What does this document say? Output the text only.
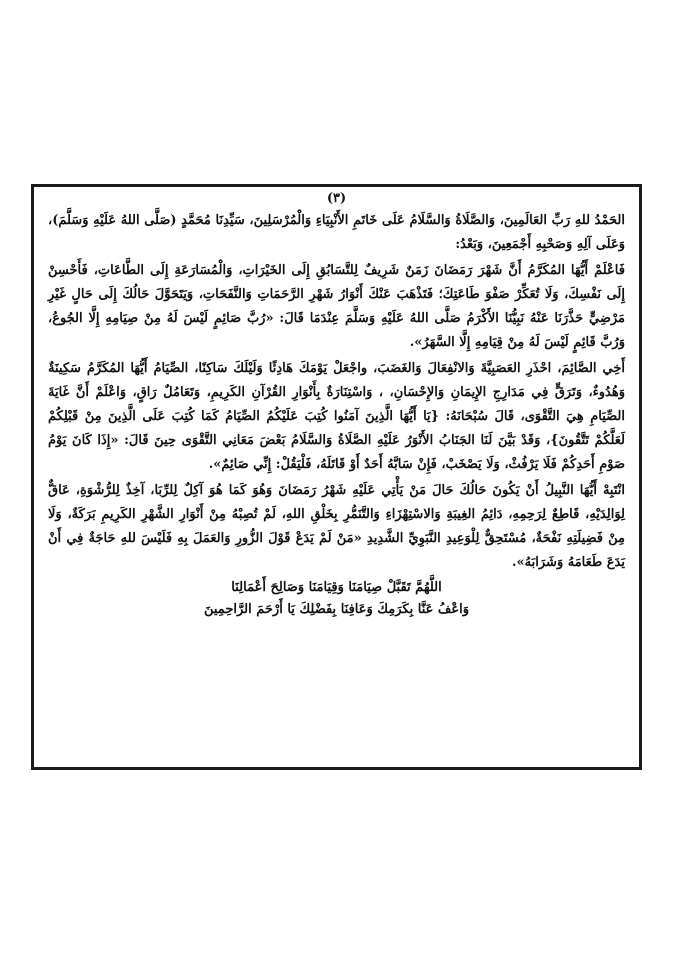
(٣)

الحَمْدُ للهِ رَبِّ العَالَمِينَ، وَالصَّلَاةُ وَالسَّلَامُ عَلَى خَاتَمِ الأَنْبِيَاءِ وَالْمُرْسَلِينَ، سَيِّدِنَا مُحَمَّدٍ (صَلَّى اللهُ عَلَيْهِ وَسَلَّمَ)، وَعَلَى آلِهِ وَصَحْبِهِ أَجْمَعِينَ، وَبَعْدُ:

فَاعْلَمْ أَيُّهَا المُكَرَّمُ أَنَّ شَهْرَ رَمَضَانَ زَمَنٌ شَرِيفٌ لِلتَّسَابُقِ إِلَى الخَيْرَاتِ، وَالْمُسَارَعَةِ إِلَى الطَّاعَاتِ، فَأَحْسِنْ إِلَى نَفْسِكَ، وَلَا تُعَكِّرْ صَفْوَ طَاعَتِكَ؛ فَتَذْهَبَ عَنْكَ أَنْوَارُ شَهْرِ الرَّحَمَاتِ وَالنَّفَحَاتِ، وَيَتَحَوَّلَ حَالُكَ إِلَى حَالٍ غَيْرِ مَرْضِيٍّ حَذَّرَنَا عَنْهُ نَبِيُّنَا الأَكْرَمُ صَلَّى اللهُ عَلَيْهِ وَسَلَّمَ عِنْدَمَا قَالَ: «رُبَّ صَائِمٍ لَيْسَ لَهُ مِنْ صِيَامِهِ إِلَّا الجُوعُ، وَرُبَّ قَائِمٍ لَيْسَ لَهُ مِنْ قِيَامِهِ إِلَّا السَّهَرُ».

أَخِي الصَّائِمَ، احْذَرِ العَصَبِيَّةَ وَالانْفِعَالَ وَالغَضَبَ، واجْعَلْ يَوْمَكَ هَادِئًا وَلَيْلَكَ سَاكِنًا، الصِّيَامُ أَيُّهَا المُكَرَّمُ سَكِينَةٌ وَهُدُوءٌ، وَتَرَقٍّ فِي مَدَارِجِ الإِيمَانِ وَالإِحْسَانِ، ، وَاسْتِنَارَةٌ بِأَنْوَارِ القُرْآنِ الكَرِيمِ، وَتَعَامُلٌ رَاقٍ، وَاعْلَمْ أَنَّ غَايَةَ الصِّيَامِ هِيَ التَّقْوَى، قَالَ سُبْحَانَهُ: {يَا أَيُّهَا الَّذِينَ آمَنُوا كُتِبَ عَلَيْكُمُ الصِّيَامُ كَمَا كُتِبَ عَلَى الَّذِينَ مِنْ قَبْلِكُمْ لَعَلَّكُمْ تَتَّقُونَ}، وَقَدْ بَيَّنَ لَنَا الجَنَابُ الأَنْوَرُ عَلَيْهِ الصَّلَاةُ وَالسَّلَامُ بَعْضَ مَعَانِي التَّقْوَى حِينَ قَالَ: «إِذَا كَانَ يَوْمُ صَوْمِ أَحَدِكُمْ فَلَا يَرْفُثْ، وَلَا يَصْخَبْ، فَإِنْ سَابَّهُ أَحَدٌ أَوْ قَاتَلَهُ، فَلْيَقُلْ: إِنِّي صَائِمٌ».

انْتَبِهْ أَيُّهَا النَّبِيلُ أَنْ يَكُونَ حَالُكَ حَالَ مَنْ يَأْتِي عَلَيْهِ شَهْرُ رَمَضَانَ وَهُوَ كَمَا هُوَ آكِلٌ لِلرِّبَا، آخِذٌ لِلرُّشْوَةِ، عَاقٌّ لِوَالِدَيْهِ، قَاطِعٌ لِرَحِمِهِ، دَائِمُ الغِيبَةِ وَالاسْتِهْزَاءِ وَالتَّنَمُّرِ بِخَلْقِ اللهِ، لَمْ تُصِبْهُ مِنْ أَنْوَارِ الشَّهْرِ الكَرِيمِ بَرَكَةٌ، وَلَا مِنْ فَضِيلَتِهِ نَفْحَةٌ، مُسْتَحِقٌّ لِلْوَعِيدِ النَّبَوِيِّ الشَّدِيدِ «مَنْ لَمْ يَدَعْ قَوْلَ الزُّورِ وَالعَمَلَ بِهِ فَلَيْسَ للهِ حَاجَةٌ فِي أَنْ يَدَعَ طَعَامَهُ وَشَرَابَهُ».

اللَّهُمَّ تَقَبَّلْ صِيَامَنَا وَقِيَامَنَا وَصَالِحَ أَعْمَالِنَا

وَاعْفُ عَنَّا بِكَرَمِكَ وَعَافِنَا بِفَضْلِكَ يَا أَرْحَمَ الرَّاحِمِينَ
